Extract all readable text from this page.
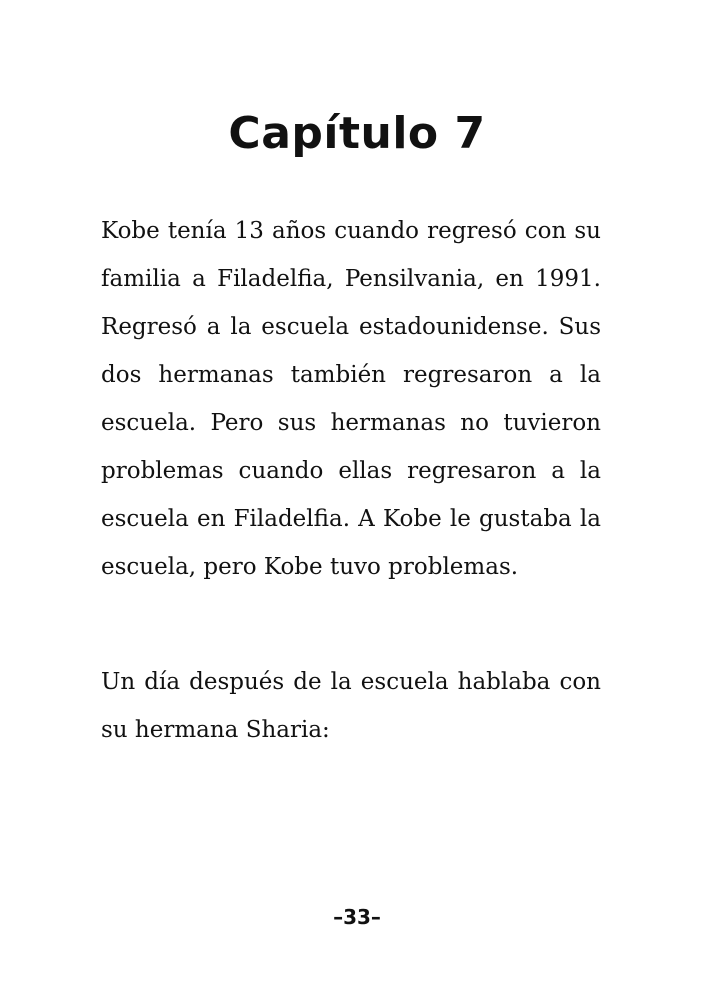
Capítulo 7

Kobe tenía 13 años cuando regresó con su familia a Filadelfia, Pensilvania, en 1991. Regresó a la escuela estadounidense. Sus dos hermanas también regresaron a la escuela. Pero sus hermanas no tuvieron problemas cuando ellas regresaron a la escuela en Filadelfia. A Kobe le gustaba la escuela, pero Kobe tuvo problemas.

Un día después de la escuela hablaba con su hermana Sharia:

–33–
